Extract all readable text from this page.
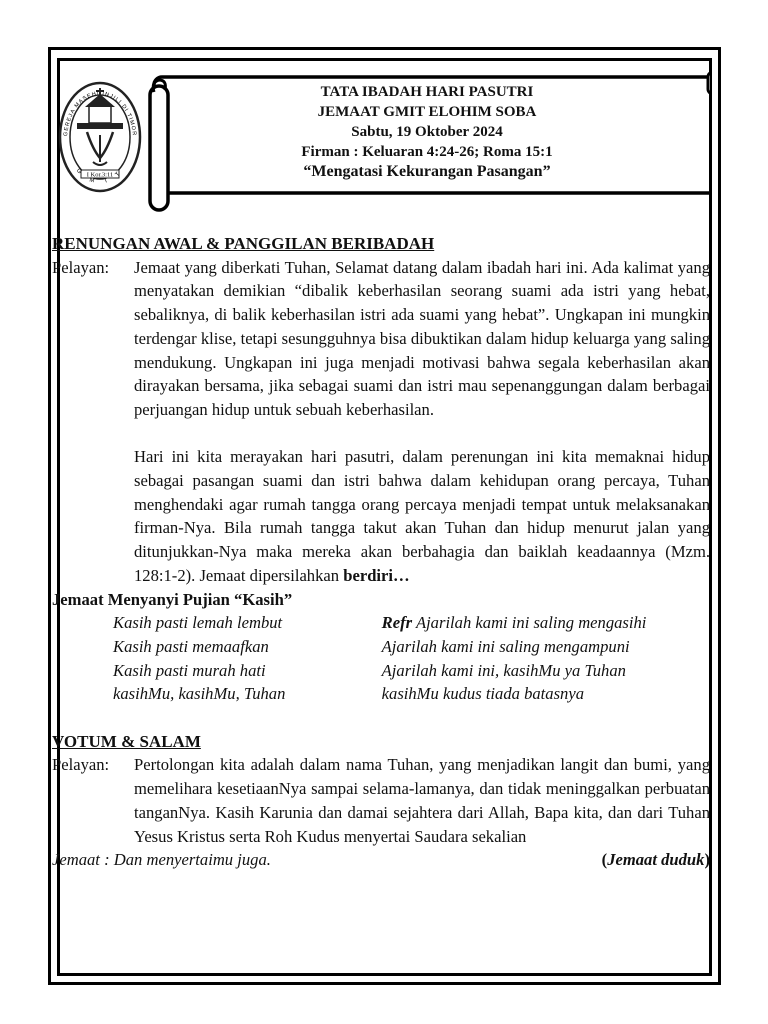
I Kor.3:11
GEREJA MASEHI INJILI DI TIMOR
G M I T
TATA IBADAH HARI PASUTRI
JEMAAT GMIT ELOHIM SOBA
Sabtu, 19 Oktober 2024
Firman : Keluaran 4:24-26; Roma 15:1
“Mengatasi Kekurangan Pasangan”
RENUNGAN AWAL & PANGGILAN BERIBADAH
Pelayan: Jemaat yang diberkati Tuhan, Selamat datang dalam ibadah hari ini. Ada kalimat yang menyatakan demikian “dibalik keberhasilan seorang suami ada istri yang hebat, sebaliknya, di balik keberhasilan istri ada suami yang hebat”. Ungkapan ini mungkin terdengar klise, tetapi sesungguhnya bisa dibuktikan dalam hidup keluarga yang saling mendukung. Ungkapan ini juga menjadi motivasi bahwa segala keberhasilan akan dirayakan bersama, jika sebagai suami dan istri mau sepenanggungan dalam berbagai perjuangan hidup untuk sebuah keberhasilan.

Hari ini kita merayakan hari pasutri, dalam perenungan ini kita memaknai hidup sebagai pasangan suami dan istri bahwa dalam kehidupan orang percaya, Tuhan menghendaki agar rumah tangga orang percaya menjadi tempat untuk melaksanakan firman-Nya. Bila rumah tangga takut akan Tuhan dan hidup menurut jalan yang ditunjukkan-Nya maka mereka akan berbahagia dan baiklah keadaannya (Mzm. 128:1-2). Jemaat dipersilahkan berdiri…

Jemaat Menyanyi Pujian “Kasih”
Kasih pasti lemah lembut
Kasih pasti memaafkan
Kasih pasti murah hati
kasihMu, kasihMu, Tuhan
Refr Ajarilah kami ini saling mengasihi
Ajarilah kami ini saling mengampuni
Ajarilah kami ini, kasihMu ya Tuhan
kasihMu kudus tiada batasnya
VOTUM & SALAM
Pelayan: Pertolongan kita adalah dalam nama Tuhan, yang menjadikan langit dan bumi, yang memelihara kesetiaanNya sampai selama-lamanya, dan tidak meninggalkan perbuatan tanganNya. Kasih Karunia dan damai sejahtera dari Allah, Bapa kita, dan dari Tuhan Yesus Kristus serta Roh Kudus menyertai Saudara sekalian

Jemaat : Dan menyertaimu juga.	(Jemaat duduk)
